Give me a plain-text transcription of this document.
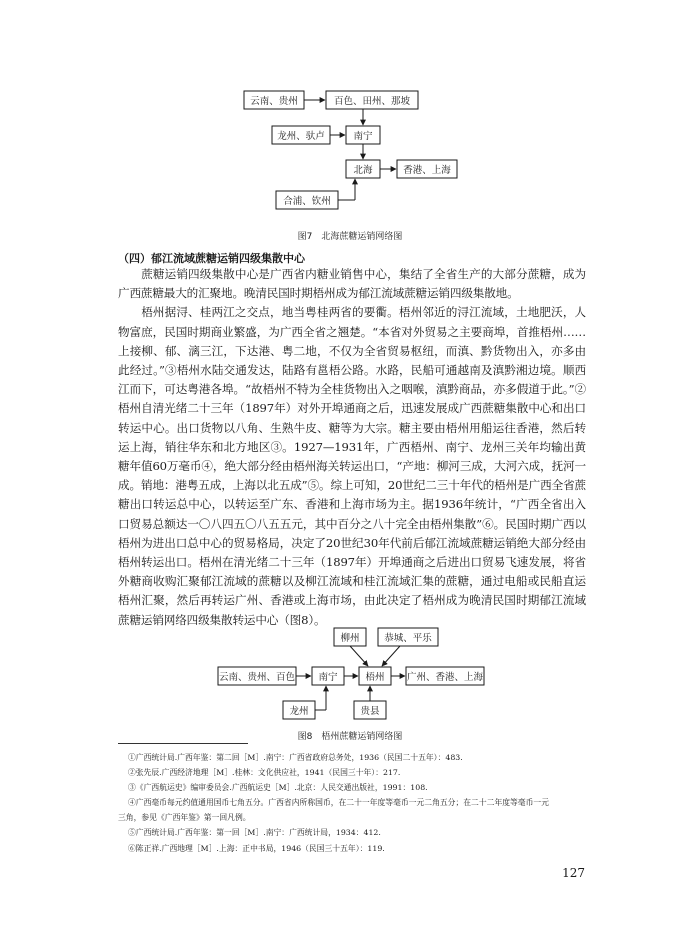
云南、贵州	百色、田州、那坡
龙州、驮卢	南宁
北海	香港、上海
合浦、钦州
图7　北海蔗糖运销网络图
（四）郁江流域蔗糖运销四级集散中心

蔗糖运销四级集散中心是广西省内糖业销售中心，集结了全省生产的大部分蔗糖，成为广西蔗糖最大的汇聚地。晚清民国时期梧州成为郁江流域蔗糖运销四级集散地。

梧州据浔、桂两江之交点，地当粤桂两省的要衢。梧州邻近的浔江流域，土地肥沃，人物富庶，民国时期商业繁盛，为广西全省之翘楚。“本省对外贸易之主要商埠，首推梧州……上接柳、郁、漓三江，下达港、粤二地，不仅为全省贸易枢纽，而滇、黔货物出入，亦多由此经过。”③梧州水陆交通发达，陆路有邕梧公路。水路，民船可通越南及滇黔湘边境。顺西江而下，可达粤港各埠。“故梧州不特为全桂货物出入之咽喉，滇黔商品，亦多假道于此。”②梧州自清光绪二十三年（1897年）对外开埠通商之后，迅速发展成广西蔗糖集散中心和出口转运中心。出口货物以八角、生熟牛皮、糖等为大宗。糖主要由梧州用船运往香港，然后转运上海，销往华东和北方地区③。1927—1931年，广西梧州、南宁、龙州三关年均输出黄糖年值60万毫币④，绝大部分经由梧州海关转运出口，“产地：柳河三成，大河六成，抚河一成。销地：港粤五成，上海以北五成”⑤。综上可知，20世纪二三十年代的梧州是广西全省蔗糖出口转运总中心，以转运至广东、香港和上海市场为主。据1936年统计，“广西全省出入口贸易总额达一〇八四五〇八五五元，其中百分之八十完全由梧州集散”⑥。民国时期广西以梧州为进出口总中心的贸易格局，决定了20世纪30年代前后郁江流域蔗糖运销绝大部分经由梧州转运出口。梧州在清光绪二十三年（1897年）开埠通商之后进出口贸易飞速发展，将省外糖商收购汇聚郁江流域的蔗糖以及柳江流域和桂江流域汇集的蔗糖，通过电船或民船直运梧州汇聚，然后再转运广州、香港或上海市场，由此决定了梧州成为晚清民国时期郁江流域蔗糖运销网络四级集散转运中心（图8）。

柳州	恭城、平乐
云南、贵州、百色 南宁	梧州 广州、香港、上海
龙州	贵县
图8　梧州蔗糖运销网络图
①广西统计局.广西年鉴：第二回［M］.南宁：广西省政府总务处，1936（民国二十五年）：483.
②张先辰.广西经济地理［M］.桂林：文化供应社，1941（民国三十年）：217.
③《广西航运史》编审委员会.广西航运史［M］.北京：人民交通出版社，1991：108.
④广西毫币每元约值通用国币七角五分。广西省内所称国币，在二十一年度等毫币一元二角五分；在二十二年度等毫币一元
三角，参见《广西年鉴》第一回凡例。
⑤广西统计局.广西年鉴：第一回［M］.南宁：广西统计局，1934：412.
⑥陈正祥.广西地理［M］.上海：正中书局，1946（民国三十五年）：119.
127
